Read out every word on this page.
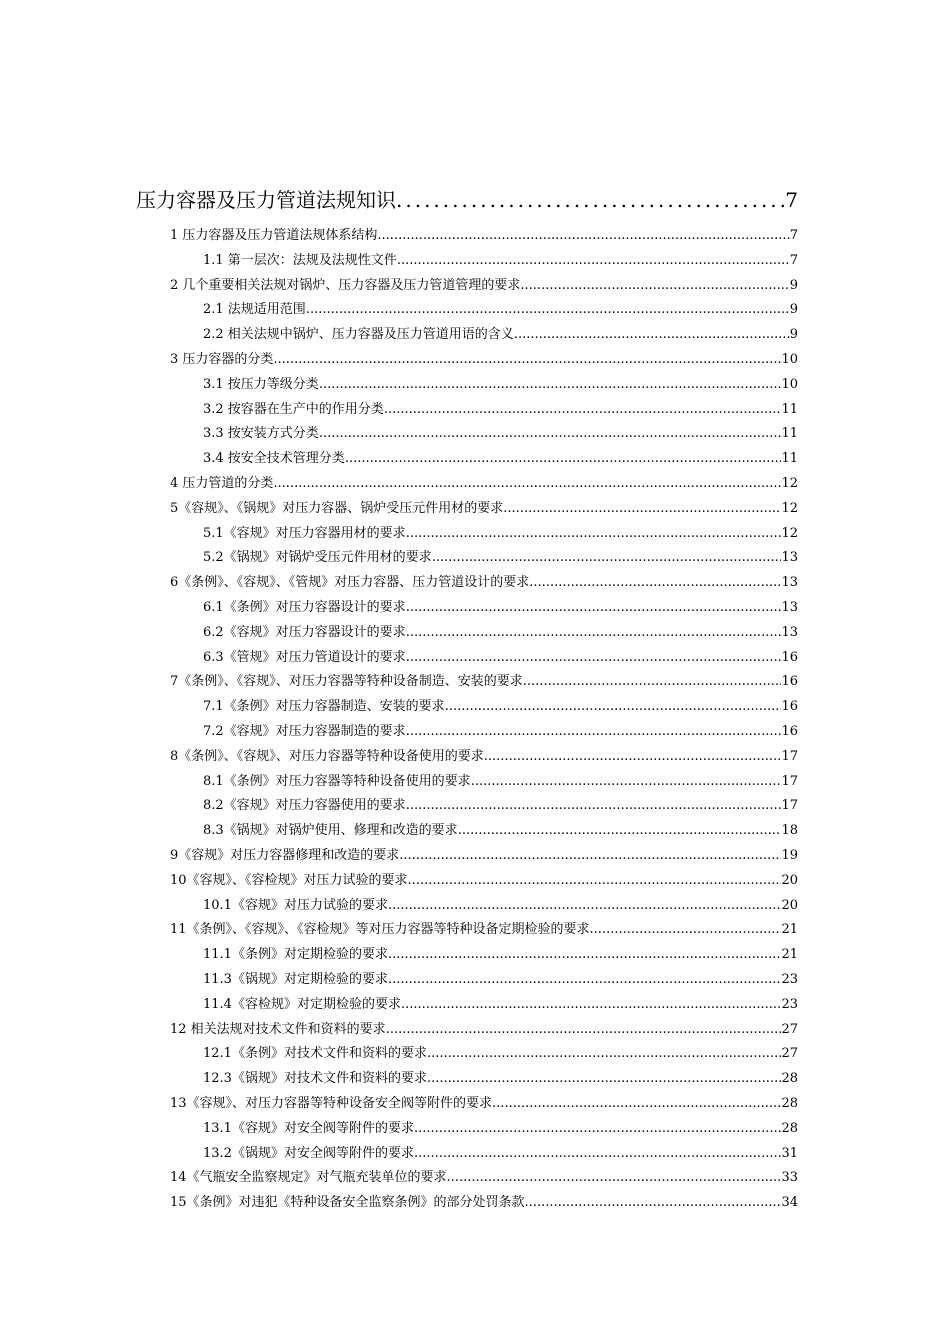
压力容器及压力管道法规知识 .....	7
1 压力容器及压力管道法规体系结构 .....	7
1.1 第一层次：法规及法规性文件 .....	7
2 几个重要相关法规对锅炉、压力容器及压力管道管理的要求 .....	9
2.1 法规适用范围 .....	9
2.2 相关法规中锅炉、压力容器及压力管道用语的含义 .....	9
3 压力容器的分类 .....	10
3.1 按压力等级分类 .....	10
3.2 按容器在生产中的作用分类 .....	11
3.3 按安装方式分类 .....	11
3.4 按安全技术管理分类 .....	11
4 压力管道的分类 .....	12
5《容规》、《锅规》对压力容器、锅炉受压元件用材的要求 .....	12
5.1《容规》对压力容器用材的要求 .....	12
5.2《锅规》对锅炉受压元件用材的要求 .....	13
6《条例》、《容规》、《管规》对压力容器、压力管道设计的要求 .....	13
6.1《条例》对压力容器设计的要求 .....	13
6.2《容规》对压力容器设计的要求 .....	13
6.3《管规》对压力管道设计的要求 .....	16
7《条例》、《容规》、对压力容器等特种设备制造、安装的要求 .....	16
7.1《条例》对压力容器制造、安装的要求 .....	16
7.2《容规》对压力容器制造的要求 .....	16
8《条例》、《容规》、对压力容器等特种设备使用的要求 .....	17
8.1《条例》对压力容器等特种设备使用的要求 .....	17
8.2《容规》对压力容器使用的要求 .....	17
8.3《锅规》对锅炉使用、修理和改造的要求 .....	18
9《容规》对压力容器修理和改造的要求 .....	19
10《容规》、《容检规》对压力试验的要求 .....	20
10.1《容规》对压力试验的要求 .....	20
11《条例》、《容规》、《容检规》等对压力容器等特种设备定期检验的要求 .....	21
11.1《条例》对定期检验的要求 .....	21
11.3《锅规》对定期检验的要求 .....	23
11.4《容检规》对定期检验的要求 .....	23
12 相关法规对技术文件和资料的要求 .....	27
12.1《条例》对技术文件和资料的要求 .....	27
12.3《锅规》对技术文件和资料的要求 .....	28
13《容规》、对压力容器等特种设备安全阀等附件的要求 .....	28
13.1《容规》对安全阀等附件的要求 .....	28
13.2《锅规》对安全阀等附件的要求 .....	31
14《气瓶安全监察规定》对气瓶充装单位的要求 .....	33
15《条例》对违犯《特种设备安全监察条例》的部分处罚条款 .....	34
